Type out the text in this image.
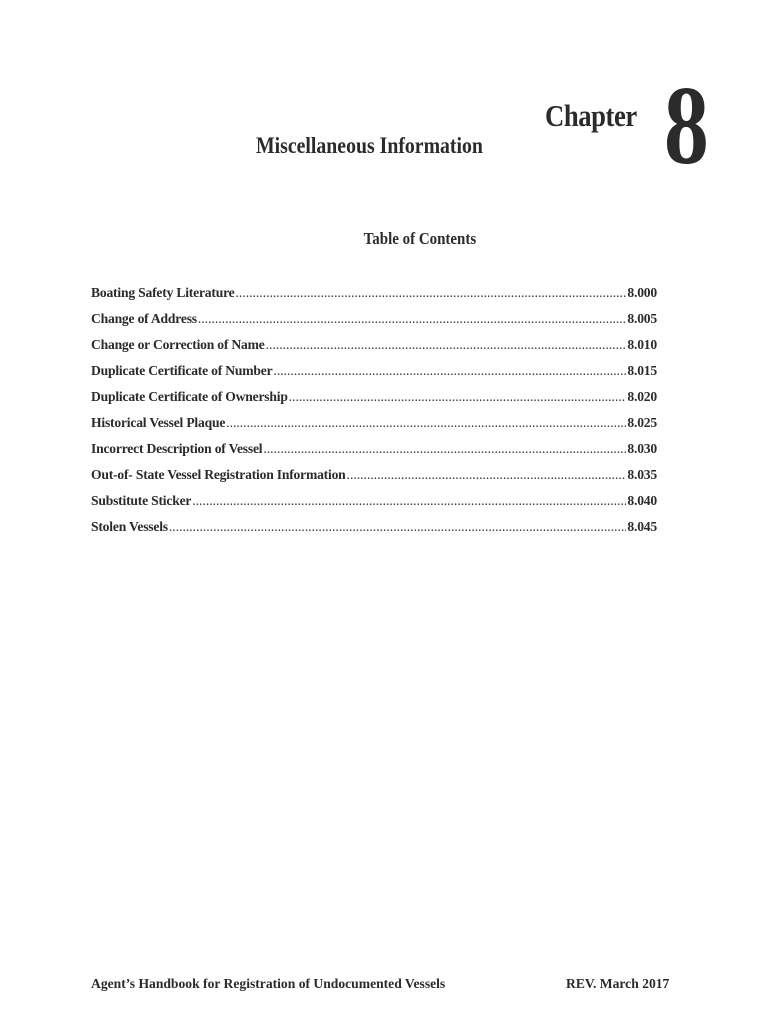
Chapter 8
Miscellaneous Information
Table of Contents
Boating Safety Literature .....	8.000
Change of Address .....	8.005
Change or Correction of Name .....	8.010
Duplicate Certificate of Number .....	8.015
Duplicate Certificate of Ownership .....	8.020
Historical Vessel Plaque .....	8.025
Incorrect Description of Vessel .....	8.030
Out-of- State Vessel Registration Information .....	8.035
Substitute Sticker .....	8.040
Stolen Vessels .....	8.045
Agent’s Handbook for Registration of Undocumented Vessels	REV. March 2017
